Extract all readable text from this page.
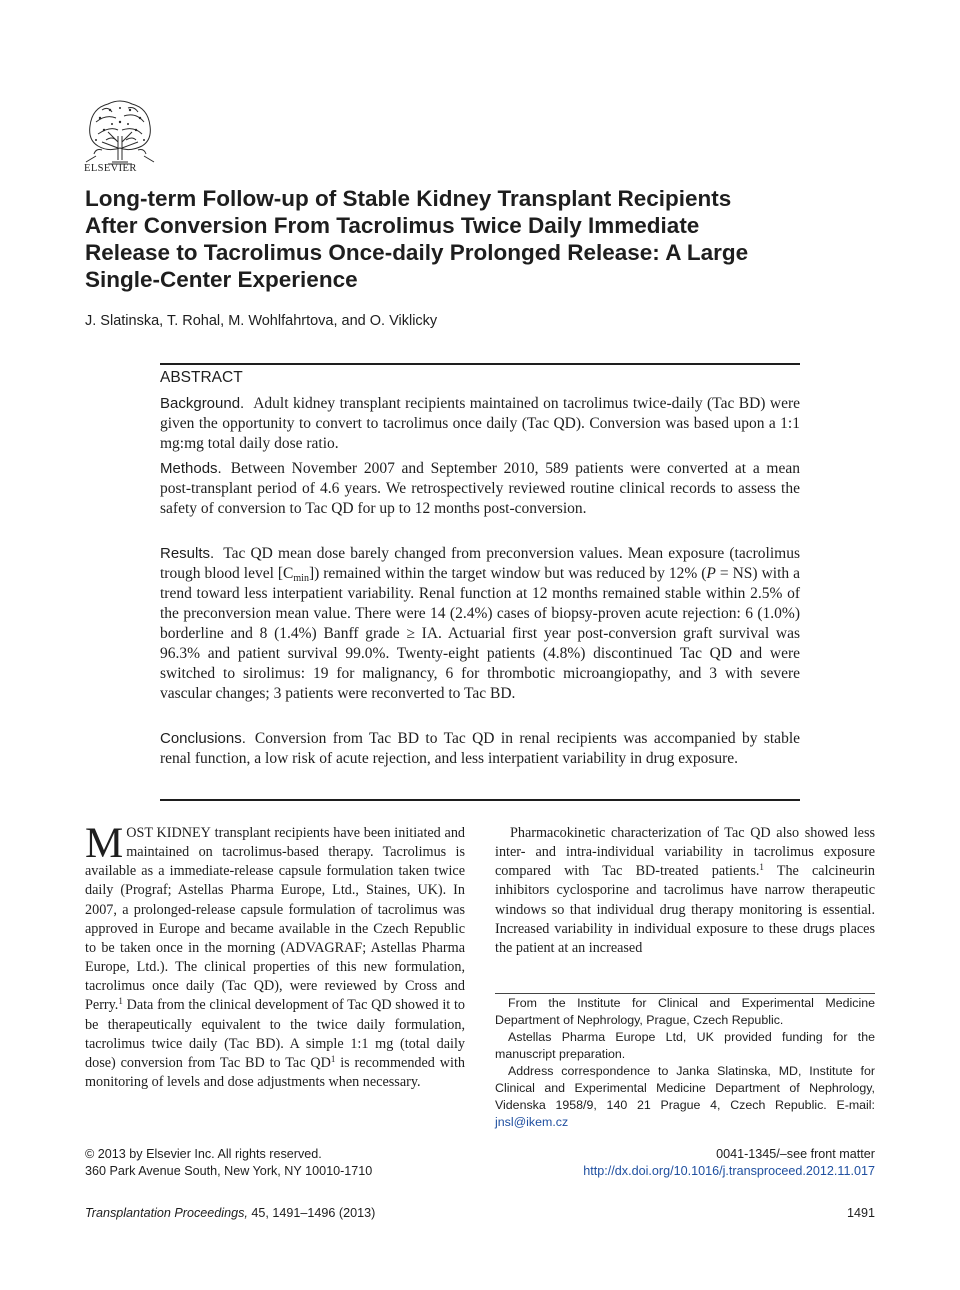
ELSEVIER
Long-term Follow-up of Stable Kidney Transplant Recipients
After Conversion From Tacrolimus Twice Daily Immediate
Release to Tacrolimus Once-daily Prolonged Release: A Large
Single-Center Experience
J. Slatinska, T. Rohal, M. Wohlfahrtova, and O. Viklicky
ABSTRACT
Background. Adult kidney transplant recipients maintained on tacrolimus twice-daily (Tac BD) were given the opportunity to convert to tacrolimus once daily (Tac QD). Conversion was based upon a 1:1 mg:mg total daily dose ratio.
Methods. Between November 2007 and September 2010, 589 patients were converted at a mean post-transplant period of 4.6 years. We retrospectively reviewed routine clinical records to assess the safety of conversion to Tac QD for up to 12 months post-conversion.
Results. Tac QD mean dose barely changed from preconversion values. Mean exposure (tacrolimus trough blood level $[C_{min}]$) remained within the target window but was reduced by 12% (P = NS) with a trend toward less interpatient variability. Renal function at 12 months remained stable within 2.5% of the preconversion mean value. There were 14 (2.4%) cases of biopsy-proven acute rejection: 6 (1.0%) borderline and 8 (1.4%) Banff grade ≥ IA. Actuarial first year post-conversion graft survival was 96.3% and patient survival 99.0%. Twenty-eight patients (4.8%) discontinued Tac QD and were switched to sirolimus: 19 for malignancy, 6 for thrombotic microangiopathy, and 3 with severe vascular changes; 3 patients were reconverted to Tac BD.
Conclusions. Conversion from Tac BD to Tac QD in renal recipients was accompanied by stable renal function, a low risk of acute rejection, and less interpatient variability in drug exposure.
MOST KIDNEY transplant recipients have been initiated and maintained on tacrolimus-based therapy. Tacrolimus is available as a immediate-release capsule formulation taken twice daily (Prograf; Astellas Pharma Europe, Ltd., Staines, UK). In 2007, a prolonged-release capsule formulation of tacrolimus was approved in Europe and became available in the Czech Republic to be taken once in the morning (ADVAGRAF; Astellas Pharma Europe, Ltd.). The clinical properties of this new formulation, tacrolimus once daily (Tac QD), were reviewed by Cross and Perry.$^1$ Data from the clinical development of Tac QD showed it to be therapeutically equivalent to the twice daily formulation, tacrolimus twice daily (Tac BD). A simple 1:1 mg (total daily dose) conversion from Tac BD to Tac $QD^1$ is recommended with monitoring of levels and dose adjustments when necessary.
Pharmacokinetic characterization of Tac QD also showed less inter- and intra-individual variability in tacrolimus exposure compared with Tac BD-treated patients.$^1$ The calcineurin inhibitors cyclosporine and tacrolimus have narrow therapeutic windows so that individual drug therapy monitoring is essential. Increased variability in individual exposure to these drugs places the patient at an increased
From the Institute for Clinical and Experimental Medicine Department of Nephrology, Prague, Czech Republic.
Astellas Pharma Europe Ltd, UK provided funding for the manuscript preparation.
Address correspondence to Janka Slatinska, MD, Institute for Clinical and Experimental Medicine Department of Nephrology, Videnska 1958/9, 140 21 Prague 4, Czech Republic. E-mail: jnsl@ikem.cz
© 2013 by Elsevier Inc. All rights reserved.
360 Park Avenue South, New York, NY 10010-1710
0041-1345/–see front matter
http://dx.doi.org/10.1016/j.transproceed.2012.11.017
Transplantation Proceedings, 45, 1491–1496 (2013)	1491
